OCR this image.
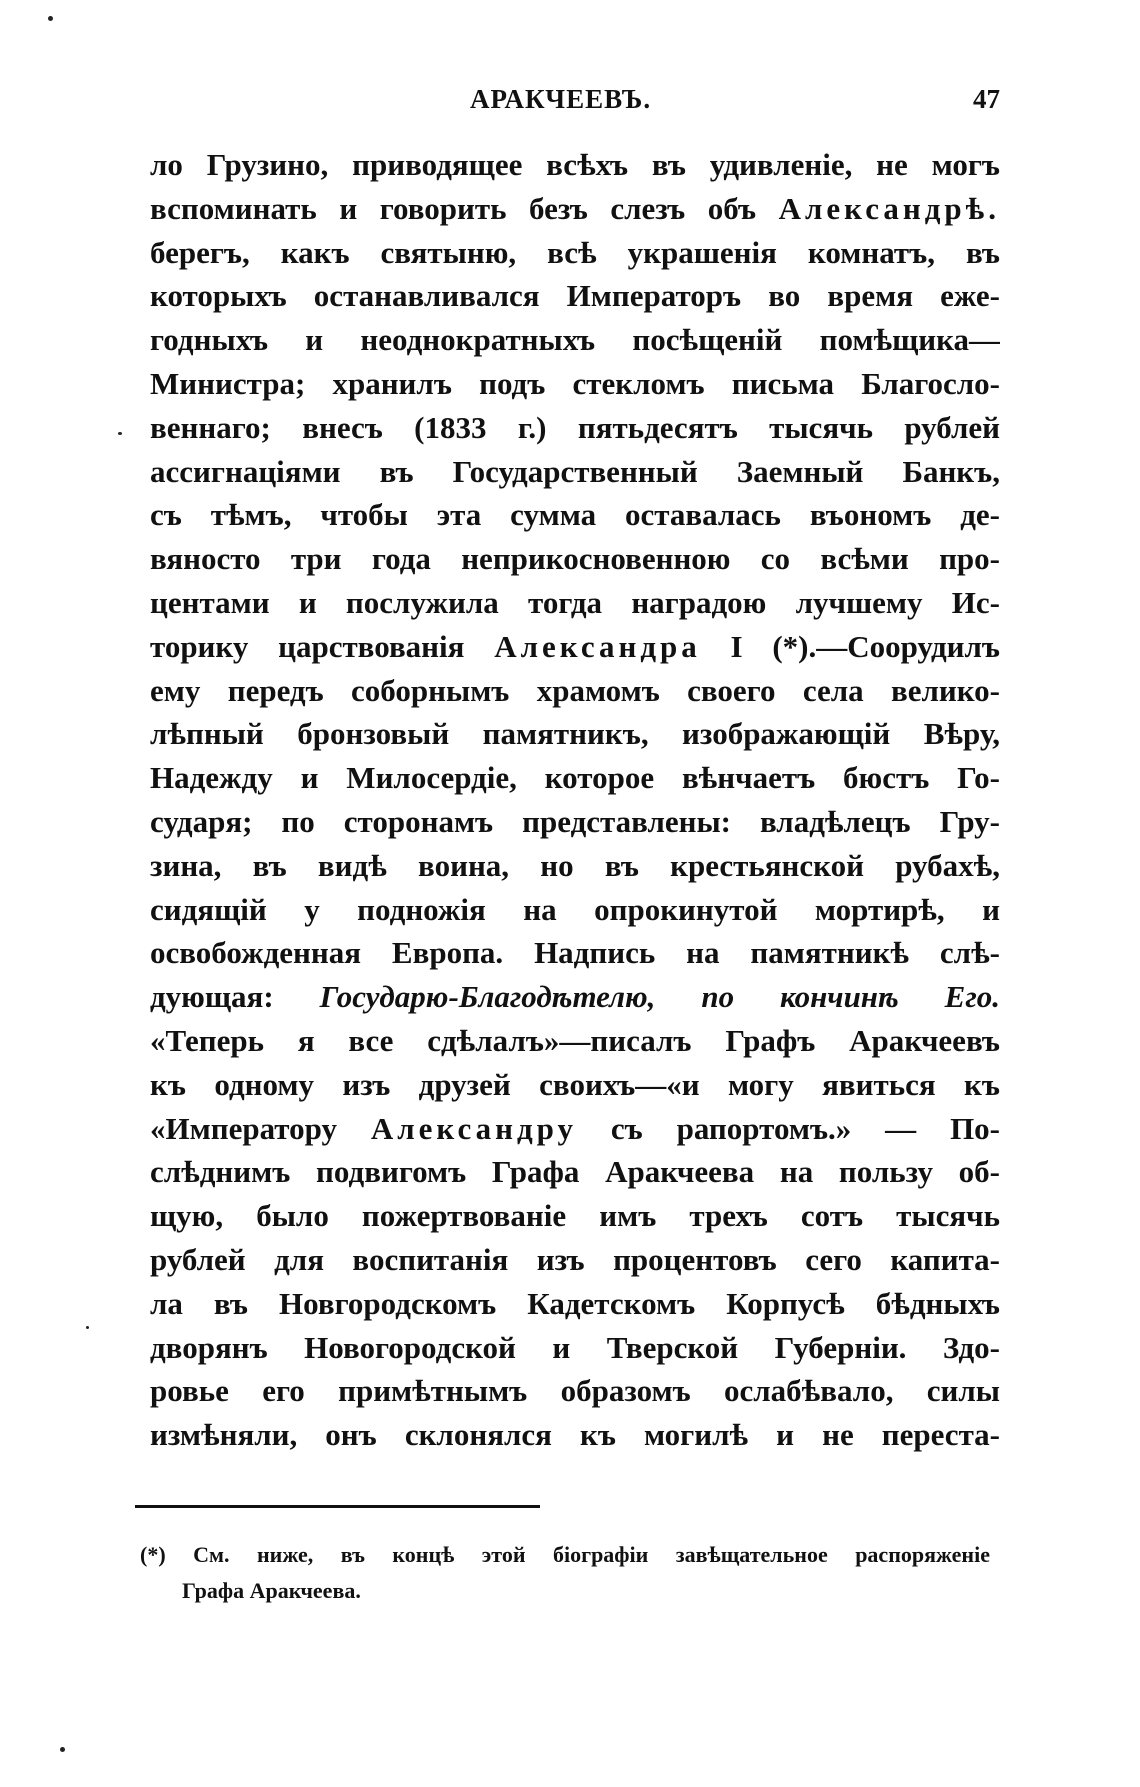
АРАКЧЕЕВЪ.	47
ло Грузино, приводящее всѣхъ въ удивленіе, не могъ
вспоминать и говорить безъ слезъ объ Александрѣ.
берегъ, какъ святыню, всѣ украшенія комнатъ, въ
которыхъ останавливался Императоръ во время еже-
годныхъ и неоднократныхъ посѣщеній помѣщика—
Министра; хранилъ подъ стекломъ письма Благосло-
веннаго; внесъ (1833 г.) пятьдесятъ тысячь рублей
ассигнаціями въ Государственный Заемный Банкъ,
съ тѣмъ, чтобы эта сумма оставалась въономъ де-
вяносто три года неприкосновенною со всѣми про-
центами и послужила тогда наградою лучшему Ис-
торику царствованія Александра I (*).—Соорудилъ
ему передъ соборнымъ храмомъ своего села велико-
лѣпный бронзовый памятникъ, изображающій Вѣру,
Надежду и Милосердіе, которое вѣнчаетъ бюстъ Го-
сударя; по сторонамъ представлены: владѣлецъ Гру-
зина, въ видѣ воина, но въ крестьянской рубахѣ,
сидящій у подножія на опрокинутой мортирѣ, и
освобожденная Европа. Надпись на памятникѣ слѣ-
дующая: Государю-Благодѣтелю, по кончинѣ Его.
«Теперь я все сдѣлалъ»—писалъ Графъ Аракчеевъ
къ одному изъ друзей своихъ—«и могу явиться къ
«Императору Александру съ рапортомъ.» — По-
слѣднимъ подвигомъ Графа Аракчеева на пользу об-
щую, было пожертвованіе имъ трехъ сотъ тысячь
рублей для воспитанія изъ процентовъ сего капита-
ла въ Новгородскомъ Кадетскомъ Корпусѣ бѣдныхъ
дворянъ Новогородской и Тверской Губерніи. Здо-
ровье его примѣтнымъ образомъ ослабѣвало, силы
измѣняли, онъ склонялся къ могилѣ и не переста-
(*) См. ниже, въ концѣ этой біографіи завѣщательное распоряженіе
Графа Аракчеева.
